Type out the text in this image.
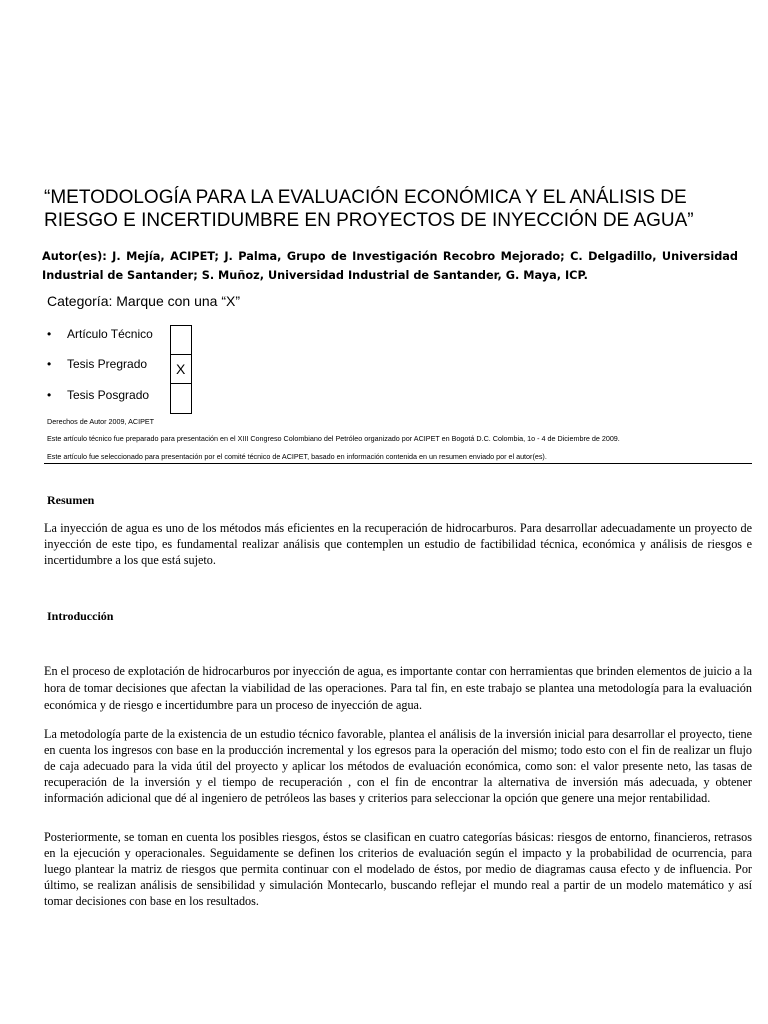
“METODOLOGÍA PARA LA EVALUACIÓN ECONÓMICA Y EL ANÁLISIS DE RIESGO E INCERTIDUMBRE EN PROYECTOS DE INYECCIÓN DE AGUA”
Autor(es): J. Mejía, ACIPET; J. Palma, Grupo de Investigación Recobro Mejorado; C. Delgadillo, Universidad Industrial de Santander; S. Muñoz, Universidad Industrial de Santander, G. Maya, ICP.
Categoría: Marque con una “X”
• Artículo Técnico
• Tesis Pregrado
• Tesis Posgrado
X
Derechos de Autor 2009, ACIPET
Este artículo técnico fue preparado para presentación en el XIII Congreso Colombiano del Petróleo organizado por ACIPET en Bogotá D.C. Colombia, 1o - 4 de Diciembre de 2009.
Este artículo fue seleccionado para presentación por el comité técnico de ACIPET, basado en información contenida en un resumen enviado por el autor(es).
Resumen

La inyección de agua es uno de los métodos más eficientes en la recuperación de hidrocarburos. Para desarrollar adecuadamente un proyecto de inyección de este tipo, es fundamental realizar análisis que contemplen un estudio de factibilidad técnica, económica y análisis de riesgos e incertidumbre a los que está sujeto.

Introducción

En el proceso de explotación de hidrocarburos por inyección de agua, es importante contar con herramientas que brinden elementos de juicio a la hora de tomar decisiones que afectan la viabilidad de las operaciones. Para tal fin, en este trabajo se plantea una metodología para la evaluación económica y de riesgo e incertidumbre para un proceso de inyección de agua.

La metodología parte de la existencia de un estudio técnico favorable, plantea el análisis de la inversión inicial para desarrollar el proyecto, tiene en cuenta los ingresos con base en la producción incremental y los egresos para la operación del mismo; todo esto con el fin de realizar un flujo de caja adecuado para la vida útil del proyecto y aplicar los métodos de evaluación económica, como son: el valor presente neto, las tasas de recuperación de la inversión y el tiempo de recuperación , con el fin de encontrar la alternativa de inversión más adecuada, y obtener información adicional que dé al ingeniero de petróleos las bases y criterios para seleccionar la opción que genere una mejor rentabilidad.

Posteriormente, se toman en cuenta los posibles riesgos, éstos se clasifican en cuatro categorías básicas: riesgos de entorno, financieros, retrasos en la ejecución y operacionales. Seguidamente se definen los criterios de evaluación según el impacto y la probabilidad de ocurrencia, para luego plantear la matriz de riesgos que permita continuar con el modelado de éstos, por medio de diagramas causa efecto y de influencia. Por último, se realizan análisis de sensibilidad y simulación Montecarlo, buscando reflejar el mundo real a partir de un modelo matemático y así tomar decisiones con base en los resultados.
